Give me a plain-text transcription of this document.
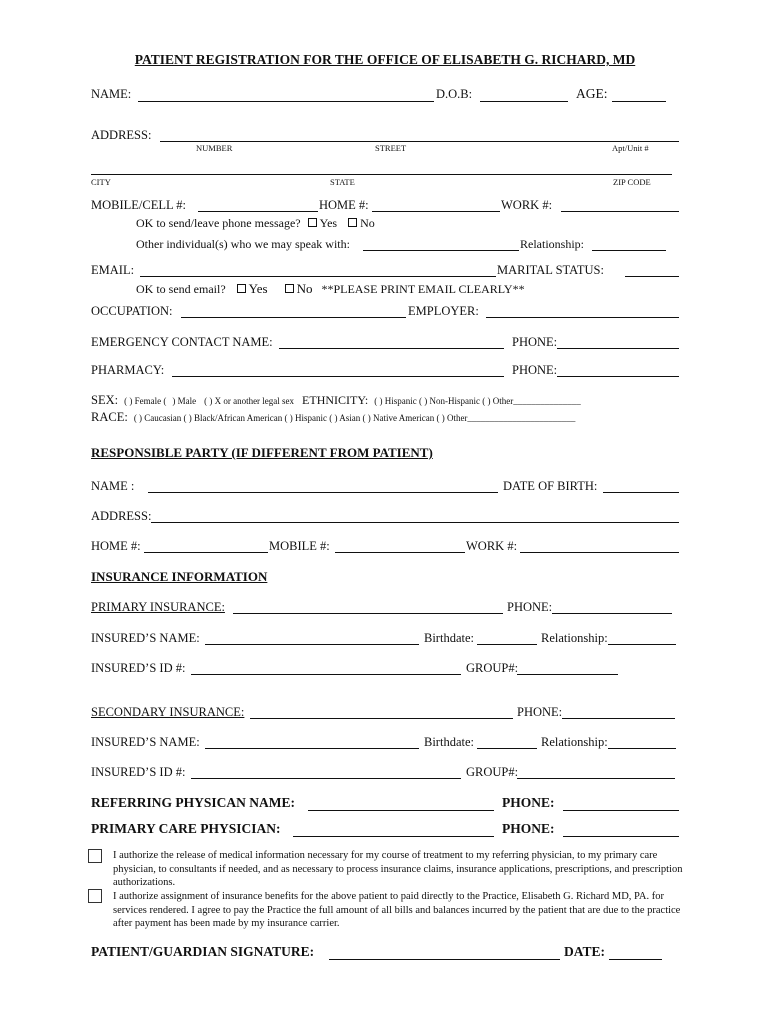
PATIENT REGISTRATION FOR THE OFFICE OF ELISABETH G. RICHARD, MD
NAME:	D.O.B:	AGE:
ADDRESS:
NUMBER	STREET	Apt/Unit #
CITY	STATE	ZIP CODE
MOBILE/CELL #:	HOME #:	WORK #:
OK to send/leave phone message? Yes No
Other individual(s) who we may speak with:	Relationship:
EMAIL:	MARITAL STATUS:
OK to send email? Yes No **PLEASE PRINT EMAIL CLEARLY**
OCCUPATION:	EMPLOYER:
EMERGENCY CONTACT NAME:	PHONE:
PHARMACY:	PHONE:
SEX: ( ) Female ( ) Male ( ) X or another legal sex ETHNICITY: ( ) Hispanic ( ) Non-Hispanic ( ) Other_______________
RACE: ( ) Caucasian ( ) Black/African American ( ) Hispanic ( ) Asian ( ) Native American ( ) Other________________________
RESPONSIBLE PARTY (IF DIFFERENT FROM PATIENT)
NAME :	DATE OF BIRTH:
ADDRESS:
HOME #:	MOBILE #:	WORK #:
INSURANCE INFORMATION
PRIMARY INSURANCE:	PHONE:
INSURED’S NAME:	Birthdate:	Relationship:
INSURED’S ID #:	GROUP#:
SECONDARY INSURANCE:	PHONE:
INSURED’S NAME:	Birthdate:	Relationship:
INSURED’S ID #:	GROUP#:
REFERRING PHYSICAN NAME:	PHONE:
PRIMARY CARE PHYSICIAN:	PHONE:
I authorize the release of medical information necessary for my course of treatment to my referring physician, to my primary care physician, to consultants if needed, and as necessary to process insurance claims, insurance applications, prescriptions, and prescription authorizations.
I authorize assignment of insurance benefits for the above patient to paid directly to the Practice, Elisabeth G. Richard MD, PA. for services rendered. I agree to pay the Practice the full amount of all bills and balances incurred by the patient that are due to the practice after payment has been made by my insurance carrier.
PATIENT/GUARDIAN SIGNATURE:	DATE:
